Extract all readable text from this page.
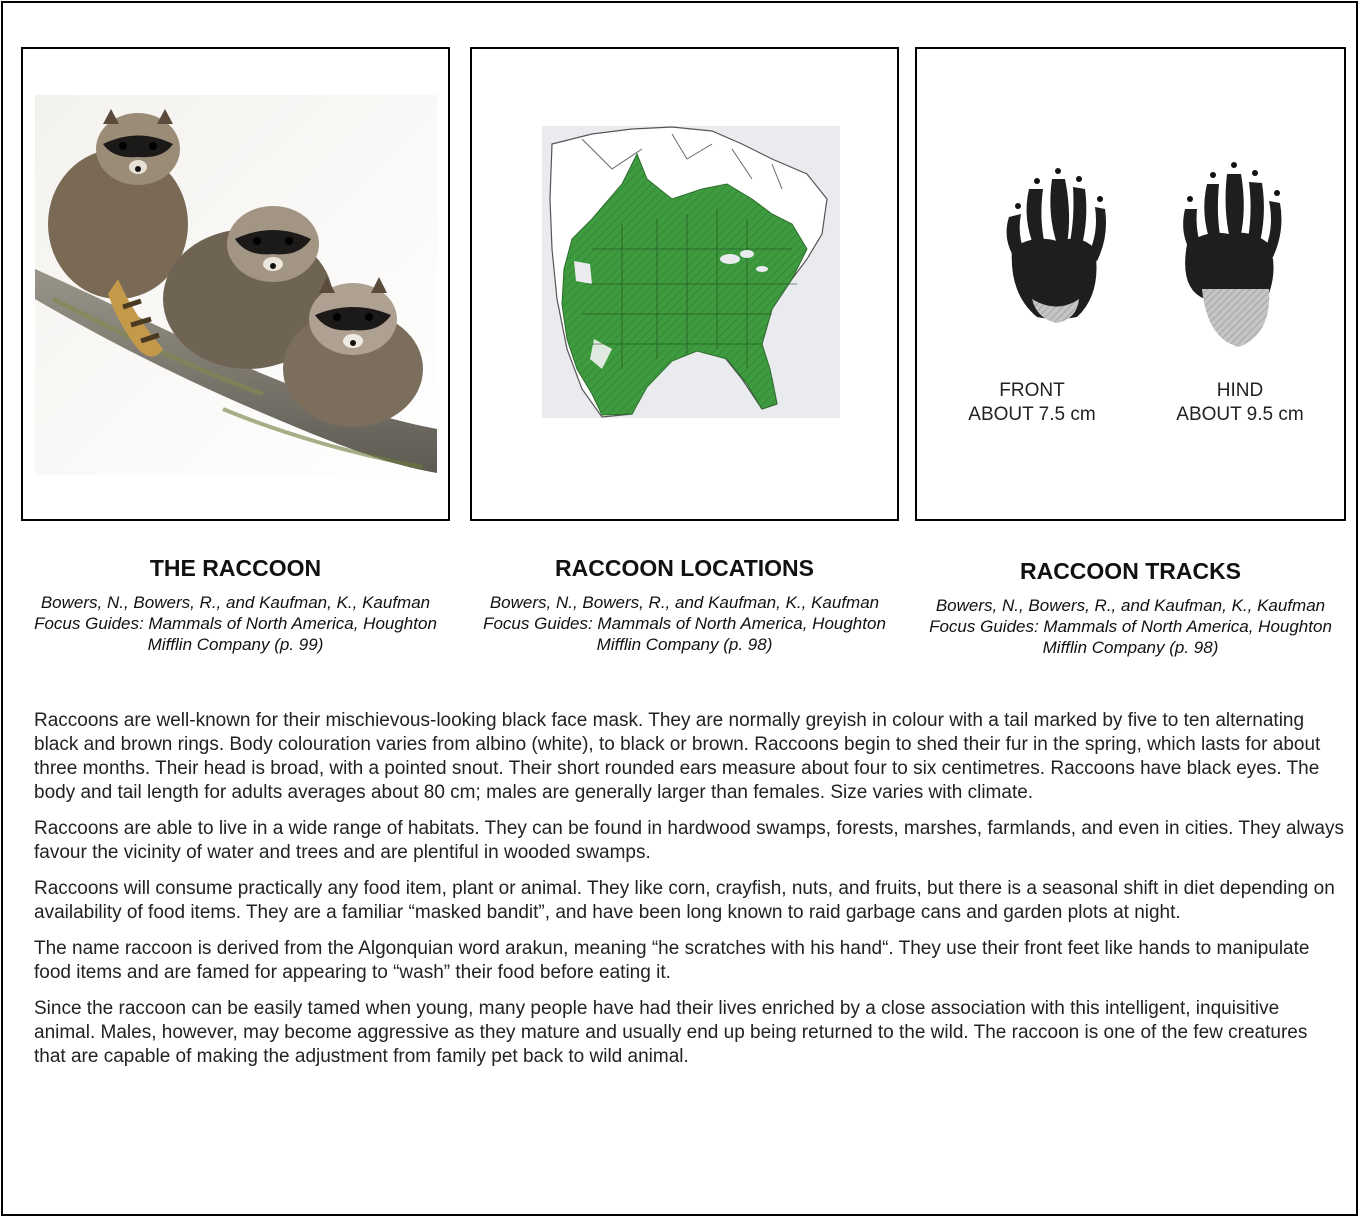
FRONT
ABOUT 7.5 cm
HIND
ABOUT 9.5 cm
THE RACCOON

Bowers, N., Bowers, R., and Kaufman, K., Kaufman Focus Guides: Mammals of North America, Houghton Mifflin Company (p. 99)

RACCOON LOCATIONS

Bowers, N., Bowers, R., and Kaufman, K., Kaufman Focus Guides: Mammals of North America, Houghton Mifflin Company (p. 98)

RACCOON TRACKS

Bowers, N., Bowers, R., and Kaufman, K., Kaufman Focus Guides: Mammals of North America, Houghton Mifflin Company (p. 98)

Raccoons are well-known for their mischievous-looking black face mask. They are normally greyish in colour with a tail marked by five to ten alternating black and brown rings. Body colouration varies from albino (white), to black or brown. Raccoons begin to shed their fur in the spring, which lasts for about three months. Their head is broad, with a pointed snout. Their short rounded ears measure about four to six centimetres. Raccoons have black eyes. The body and tail length for adults averages about 80 cm; males are generally larger than females. Size varies with climate.

Raccoons are able to live in a wide range of habitats. They can be found in hardwood swamps, forests, marshes, farmlands, and even in cities. They always favour the vicinity of water and trees and are plentiful in wooded swamps.

Raccoons will consume practically any food item, plant or animal. They like corn, crayfish, nuts, and fruits, but there is a seasonal shift in diet depending on availability of food items. They are a familiar “masked bandit”, and have been long known to raid garbage cans and garden plots at night.

The name raccoon is derived from the Algonquian word arakun, meaning “he scratches with his hand“. They use their front feet like hands to manipulate food items and are famed for appearing to “wash” their food before eating it.

Since the raccoon can be easily tamed when young, many people have had their lives enriched by a close association with this intelligent, inquisitive animal. Males, however, may become aggressive as they mature and usually end up being returned to the wild. The raccoon is one of the few creatures that are capable of making the adjustment from family pet back to wild animal.
